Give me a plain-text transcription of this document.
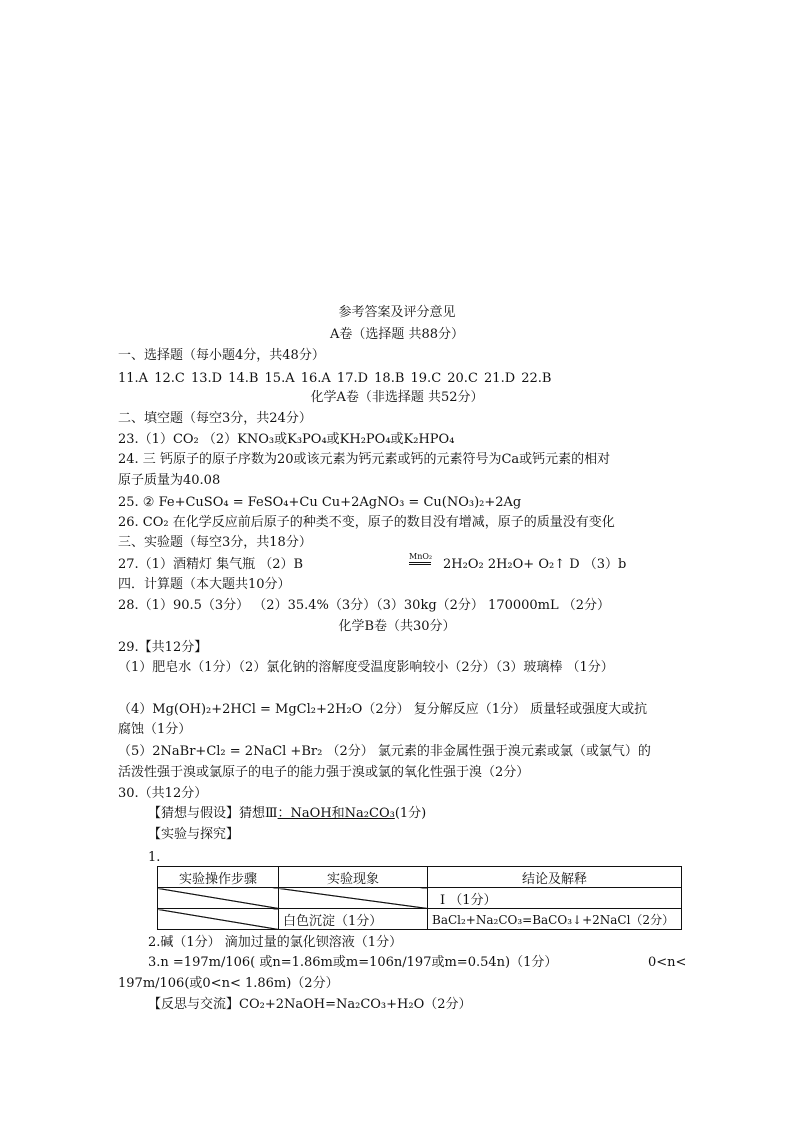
参考答案及评分意见
A卷（选择题 共88分）
一、选择题（每小题4分，共48分）
11.A 12.C 13.D 14.B 15.A 16.A 17.D 18.B 19.C 20.C 21.D 22.B
化学A卷（非选择题 共52分）
二、填空题（每空3分，共24分）
23.（1）CO₂ （2）KNO₃或K₃PO₄或KH₂PO₄或K₂HPO₄
24. 三 钙原子的原子序数为20或该元素为钙元素或钙的元素符号为Ca或钙元素的相对
原子质量为40.08
25. ② Fe+CuSO₄ = FeSO₄+Cu Cu+2AgNO₃ = Cu(NO₃)₂+2Ag
26. CO₂ 在化学反应前后原子的种类不变，原子的数目没有增减，原子的质量没有变化
三、实验题（每空3分，共18分）
27.（1）酒精灯 集气瓶 （2）B
MnO₂
2H₂O₂ 2H₂O+ O₂↑ D （3）b
四．计算题（本大题共10分）
28.（1）90.5（3分） （2）35.4%（3分）（3）30kg（2分） 170000mL （2分）
化学B卷（共30分）
29.【共12分】
（1）肥皂水（1分）（2）氯化钠的溶解度受温度影响较小（2分）（3）玻璃棒 （1分）
（4）Mg(OH)₂+2HCl = MgCl₂+2H₂O（2分） 复分解反应（1分） 质量轻或强度大或抗
腐蚀（1分）
（5）2NaBr+Cl₂ = 2NaCl +Br₂ （2分） 氯元素的非金属性强于溴元素或氯（或氯气）的
活泼性强于溴或氯原子的电子的能力强于溴或氯的氧化性强于溴（2分）
30.（共12分）
【猜想与假设】猜想Ⅲ：NaOH和Na₂CO₃(1分)
【实验与探究】
1.
实验操作步骤	实验现象	结论及解释
		Ⅰ （1分）
	白色沉淀（1分）	BaCl₂+Na₂CO₃=BaCO₃↓+2NaCl（2分）
2.碱（1分） 滴加过量的氯化钡溶液（1分）
3.n =197m/106( 或n=1.86m或m=106n/197或m=0.54n)（1分）	0<n<
197m/106(或0<n< 1.86m)（2分）
【反思与交流】CO₂+2NaOH=Na₂CO₃+H₂O（2分）
